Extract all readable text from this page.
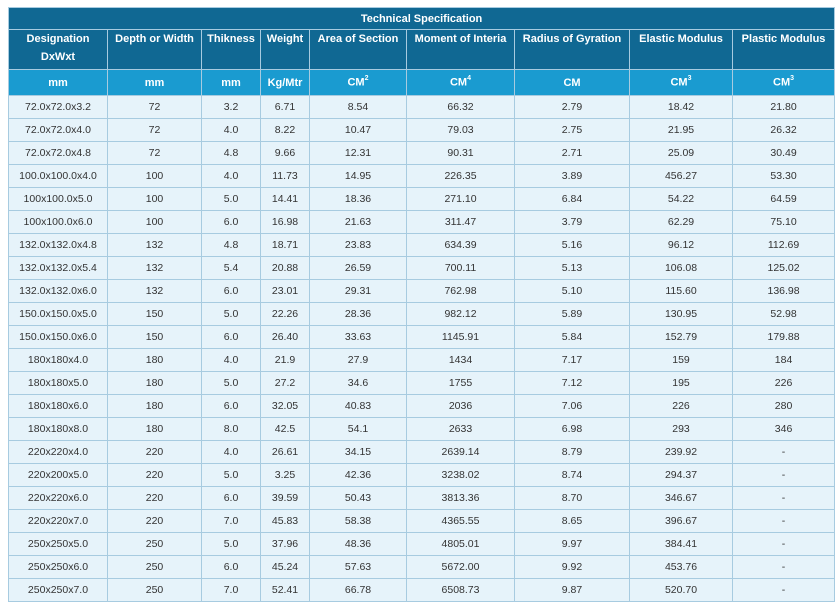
Technical Specification								
Designation
DxWxt	Depth or Width	Thikness	Weight	Area of Section	Moment of Interia	Radius of Gyration	Elastic Modulus	Plastic Modulus
mm	mm	mm	Kg/Mtr	$CM^2$	$CM^4$	CM	$CM^3$	$CM^3$
72.0x72.0x3.2	72	3.2	6.71	8.54	66.32	2.79	18.42	21.80
72.0x72.0x4.0	72	4.0	8.22	10.47	79.03	2.75	21.95	26.32
72.0x72.0x4.8	72	4.8	9.66	12.31	90.31	2.71	25.09	30.49
100.0x100.0x4.0	100	4.0	11.73	14.95	226.35	3.89	456.27	53.30
100x100.0x5.0	100	5.0	14.41	18.36	271.10	6.84	54.22	64.59
100x100.0x6.0	100	6.0	16.98	21.63	311.47	3.79	62.29	75.10
132.0x132.0x4.8	132	4.8	18.71	23.83	634.39	5.16	96.12	112.69
132.0x132.0x5.4	132	5.4	20.88	26.59	700.11	5.13	106.08	125.02
132.0x132.0x6.0	132	6.0	23.01	29.31	762.98	5.10	115.60	136.98
150.0x150.0x5.0	150	5.0	22.26	28.36	982.12	5.89	130.95	52.98
150.0x150.0x6.0	150	6.0	26.40	33.63	1145.91	5.84	152.79	179.88
180x180x4.0	180	4.0	21.9	27.9	1434	7.17	159	184
180x180x5.0	180	5.0	27.2	34.6	1755	7.12	195	226
180x180x6.0	180	6.0	32.05	40.83	2036	7.06	226	280
180x180x8.0	180	8.0	42.5	54.1	2633	6.98	293	346
220x220x4.0	220	4.0	26.61	34.15	2639.14	8.79	239.92	-
220x200x5.0	220	5.0	3.25	42.36	3238.02	8.74	294.37	-
220x220x6.0	220	6.0	39.59	50.43	3813.36	8.70	346.67	-
220x220x7.0	220	7.0	45.83	58.38	4365.55	8.65	396.67	-
250x250x5.0	250	5.0	37.96	48.36	4805.01	9.97	384.41	-
250x250x6.0	250	6.0	45.24	57.63	5672.00	9.92	453.76	-
250x250x7.0	250	7.0	52.41	66.78	6508.73	9.87	520.70	-
